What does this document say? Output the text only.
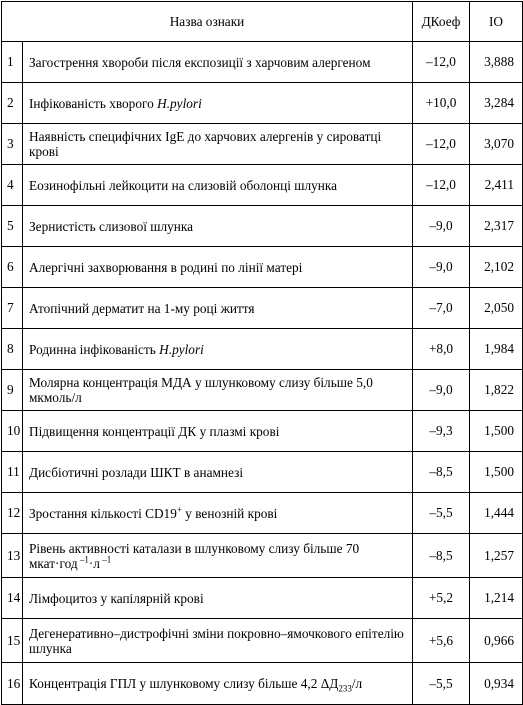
Назва ознаки		ДКоеф	ІО
1	Загострення хвороби після експозиції з харчовим алергеном	–12,0	3,888
2	Інфікованість хворого H.pylori	+10,0	3,284
3	Наявність специфічних IgE до харчових алергенів у сироватці крові	–12,0	3,070
4	Еозинофільні лейкоцити на слизовій оболонці шлунка	–12,0	2,411
5	Зернистість слизової шлунка	–9,0	2,317
6	Алергічні захворювання в родині по лінії матері	–9,0	2,102
7	Атопічний дерматит на 1-му році життя	–7,0	2,050
8	Родинна інфікованість H.pylori	+8,0	1,984
9	Молярна концентрація МДА у шлунковому слизу більше 5,0 мкмоль/л	–9,0	1,822
10	Підвищення концентрації ДК у плазмі крові	–9,3	1,500
11	Дисбіотичні розлади ШКТ в анамнезі	–8,5	1,500
12	Зростання кількості CD19+ у венозній крові	–5,5	1,444
13	Рівень активності каталази в шлунковому слизу більше 70 мкат·год $^{-1}$·л $^{-1}$	–8,5	1,257
14	Лімфоцитоз у капілярній крові	+5,2	1,214
15	Дегенеративно–дистрофічні зміни покровно–ямочкового епітелію шлунка	+5,6	0,966
16	Концентрація ГПЛ у шлунковому слизу більше 4,2 $\Delta Д_{233}/л$	–5,5	0,934
